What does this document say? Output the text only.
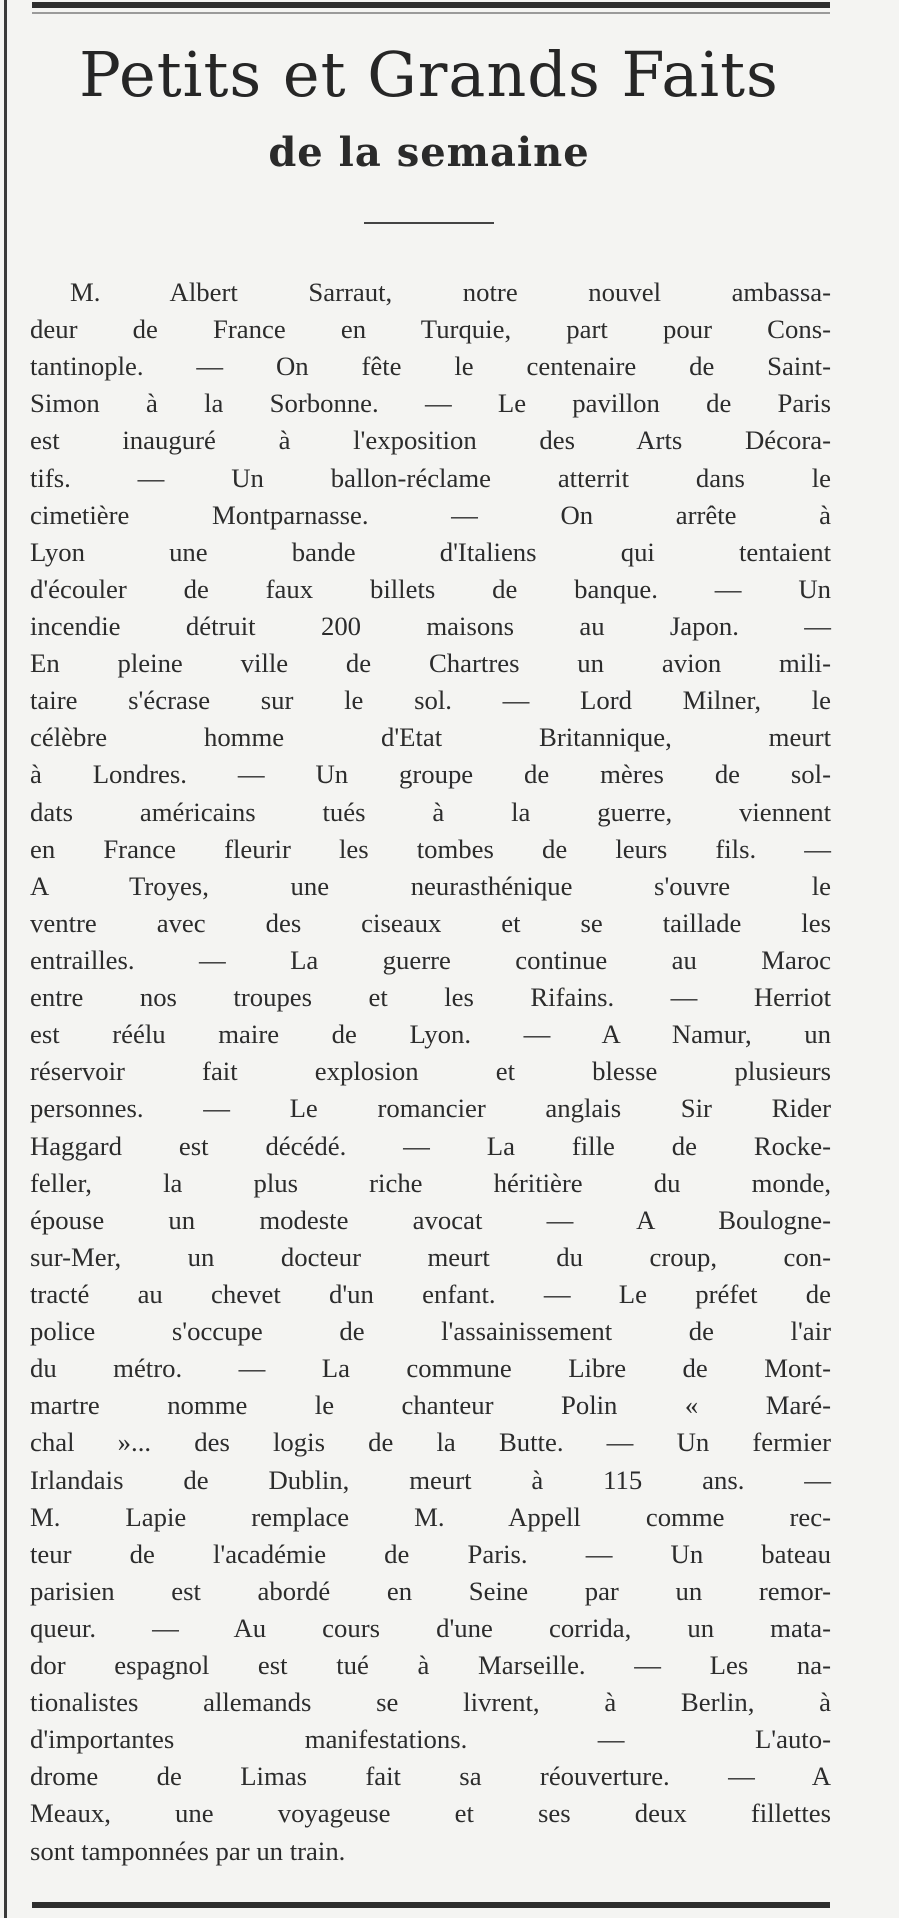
Petits et Grands Faits
de la semaine
M. Albert Sarraut, notre nouvel ambassa-
deur de France en Turquie, part pour Cons-
tantinople. — On fête le centenaire de Saint-
Simon à la Sorbonne. — Le pavillon de Paris
est inauguré à l'exposition des Arts Décora-
tifs. — Un ballon-réclame atterrit dans le
cimetière Montparnasse. — On arrête à
Lyon une bande d'Italiens qui tentaient
d'écouler de faux billets de banque. — Un
incendie détruit 200 maisons au Japon. —
En pleine ville de Chartres un avion mili-
taire s'écrase sur le sol. — Lord Milner, le
célèbre homme d'Etat Britannique, meurt
à Londres. — Un groupe de mères de sol-
dats américains tués à la guerre, viennent
en France fleurir les tombes de leurs fils. —
A Troyes, une neurasthénique s'ouvre le
ventre avec des ciseaux et se taillade les
entrailles. — La guerre continue au Maroc
entre nos troupes et les Rifains. — Herriot
est réélu maire de Lyon. — A Namur, un
réservoir fait explosion et blesse plusieurs
personnes. — Le romancier anglais Sir Rider
Haggard est décédé. — La fille de Rocke-
feller, la plus riche héritière du monde,
épouse un modeste avocat — A Boulogne-
sur-Mer, un docteur meurt du croup, con-
tracté au chevet d'un enfant. — Le préfet de
police s'occupe de l'assainissement de l'air
du métro. — La commune Libre de Mont-
martre nomme le chanteur Polin « Maré-
chal »... des logis de la Butte. — Un fermier
Irlandais de Dublin, meurt à 115 ans. —
M. Lapie remplace M. Appell comme rec-
teur de l'académie de Paris. — Un bateau
parisien est abordé en Seine par un remor-
queur. — Au cours d'une corrida, un mata-
dor espagnol est tué à Marseille. — Les na-
tionalistes allemands se livrent, à Berlin, à
d'importantes manifestations. — L'auto-
drome de Limas fait sa réouverture. — A
Meaux, une voyageuse et ses deux fillettes
sont tamponnées par un train.
